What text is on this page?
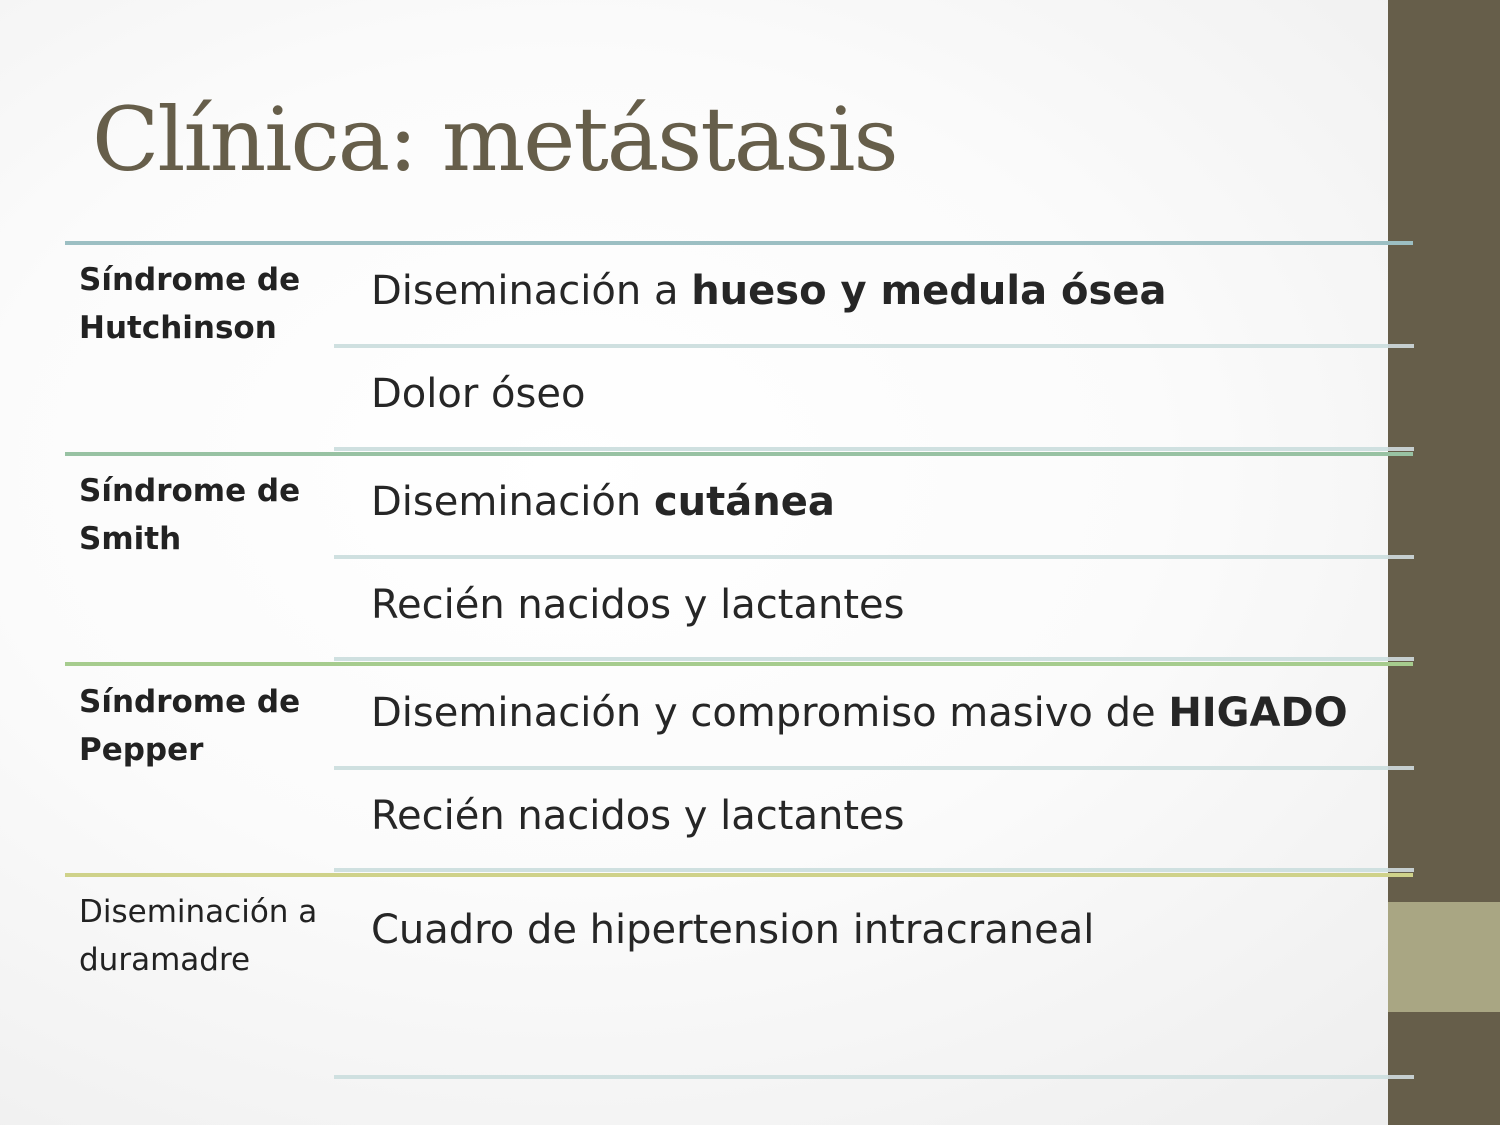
Clínica: metástasis
Síndrome de Hutchinson
Diseminación a hueso y medula ósea
Dolor óseo
Síndrome de Smith
Diseminación cutánea
Recién nacidos y lactantes
Síndrome de Pepper
Diseminación y compromiso masivo de HIGADO
Recién nacidos y lactantes
Diseminación a duramadre
Cuadro de hipertension intracraneal
